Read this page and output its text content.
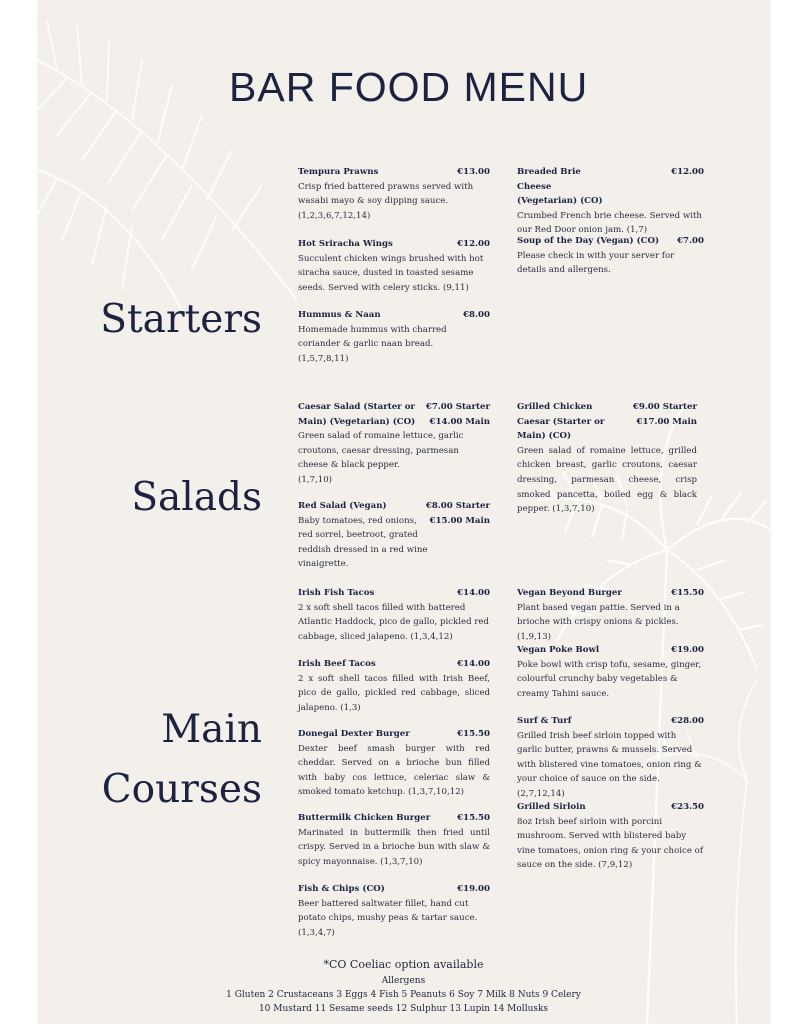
BAR FOOD MENU
Starters
Salads
Main
Courses
Tempura Prawns	€13.00

Crisp fried battered prawns served with wasabi mayo & soy dipping sauce.

(1,2,3,6,7,12,14)

Hot Sriracha Wings	€12.00

Succulent chicken wings brushed with hot siracha sauce, dusted in toasted sesame seeds. Served with celery sticks. (9,11)

Hummus & Naan	€8.00

Homemade hummus with charred coriander & garlic naan bread.

(1,5,7,8,11)

Breaded Brie Cheese (Vegetarian) (CO)
€12.00

Crumbed French brie cheese. Served with our Red Door onion jam. (1,7)

Soup of the Day (Vegan) (CO) €7.00

Please check in with your server for details and allergens.

Caesar Salad (Starter or Main) (Vegetarian) (CO)
€7.00 Starter
€14.00 Main

Green salad of romaine lettuce, garlic croutons, caesar dressing, parmesan cheese & black pepper.

(1,7,10)

Red Salad (Vegan)	€8.00 Starter
€15.00 Main

Baby tomatoes, red onions, red sorrel, beetroot, grated reddish dressed in a red wine vinaigrette.

Grilled Chicken Caesar (Starter or Main) (CO)
€9.00 Starter
€17.00 Main

Green salad of romaine lettuce, grilled chicken breast, garlic croutons, caesar dressing, parmesan cheese, crisp smoked pancetta, boiled egg & black pepper. (1,3,7,10)

Irish Fish Tacos	€14.00

2 x soft shell tacos filled with battered Atlantic Haddock, pico de gallo, pickled red cabbage, sliced jalapeno. (1,3,4,12)

Irish Beef Tacos	€14.00

2 x soft shell tacos filled with Irish Beef, pico de gallo, pickled red cabbage, sliced jalapeno. (1,3)

Donegal Dexter Burger	€15.50

Dexter beef smash burger with red cheddar. Served on a brioche bun filled with baby cos lettuce, celeriac slaw & smoked tomato ketchup. (1,3,7,10,12)

Buttermilk Chicken Burger	€15.50

Marinated in buttermilk then fried until crispy. Served in a brioche bun with slaw & spicy mayonnaise. (1,3,7,10)

Fish & Chips (CO)	€19.00

Beer battered saltwater fillet, hand cut potato chips, mushy peas & tartar sauce. (1,3,4,7)

Vegan Beyond Burger	€15.50

Plant based vegan pattie. Served in a brioche with crispy onions & pickles.(1,9,13)

Vegan Poke Bowl	€19.00

Poke bowl with crisp tofu, sesame, ginger, colourful crunchy baby vegetables & creamy Tahini sauce.

Surf & Turf	€28.00

Grilled Irish beef sirloin topped with garlic butter, prawns & mussels. Served with blistered vine tomatoes, onion ring & your choice of sauce on the side. (2,7,12,14)

Grilled Sirloin	€23.50

8oz Irish beef sirloin with porcini mushroom. Served with blistered baby vine tomatoes, onion ring & your choice of sauce on the side. (7,9,12)

*CO Coeliac option available
Allergens
1 Gluten 2 Crustaceans 3 Eggs 4 Fish 5 Peanuts 6 Soy 7 Milk 8 Nuts 9 Celery
10 Mustard 11 Sesame seeds 12 Sulphur 13 Lupin 14 Mollusks
